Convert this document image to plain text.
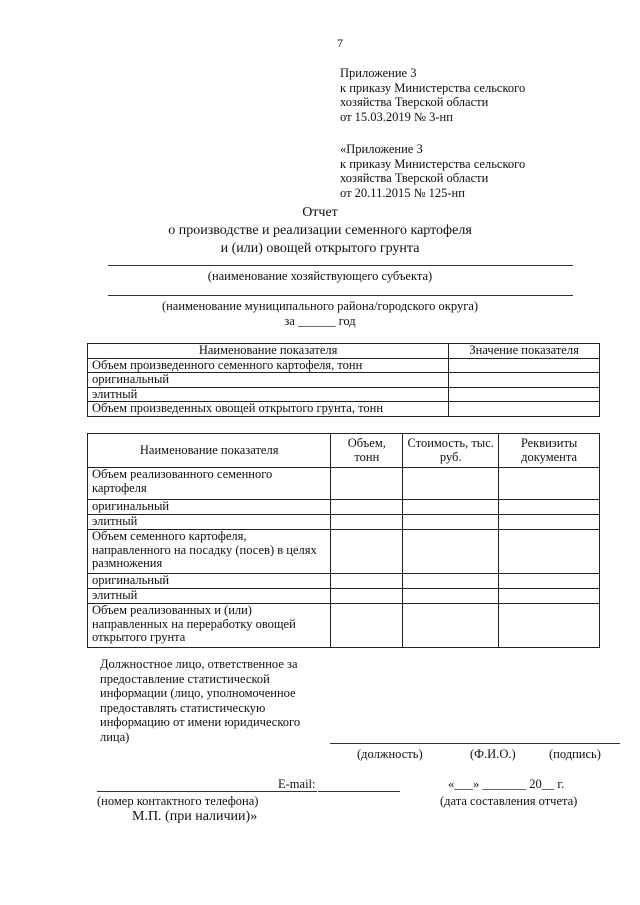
7
Приложение 3
к приказу Министерства сельского
хозяйства Тверской области
от 15.03.2019 № 3-нп
«Приложение 3
к приказу Министерства сельского
хозяйства Тверской области
от 20.11.2015 № 125-нп
Отчет
о производстве и реализации семенного картофеля
и (или) овощей открытого грунта
(наименование хозяйствующего субъекта)
(наименование муниципального района/городского округа)
за ______ год
Наименование показателя	Значение показателя
Объем произведенного семенного картофеля, тонн	
оригинальный	
элитный	
Объем произведенных овощей открытого грунта, тонн	
Наименование показателя	Объем, тонн	Стоимость, тыс. руб.	Реквизиты документа
Объем реализованного семенного картофеля			
оригинальный			
элитный			
Объем семенного картофеля, направленного на посадку (посев) в целях размножения			
оригинальный			
элитный			
Объем реализованных и (или) направленных на переработку овощей открытого грунта			
Должностное лицо, ответственное за предоставление статистической информации (лицо, уполномоченное предоставлять статистическую информацию от имени юридического лица)
(должность)	(Ф.И.О.)	(подпись)
E-mail:	«___» _______ 20__ г.
(номер контактного телефона)	(дата составления отчета)
М.П. (при наличии)»
